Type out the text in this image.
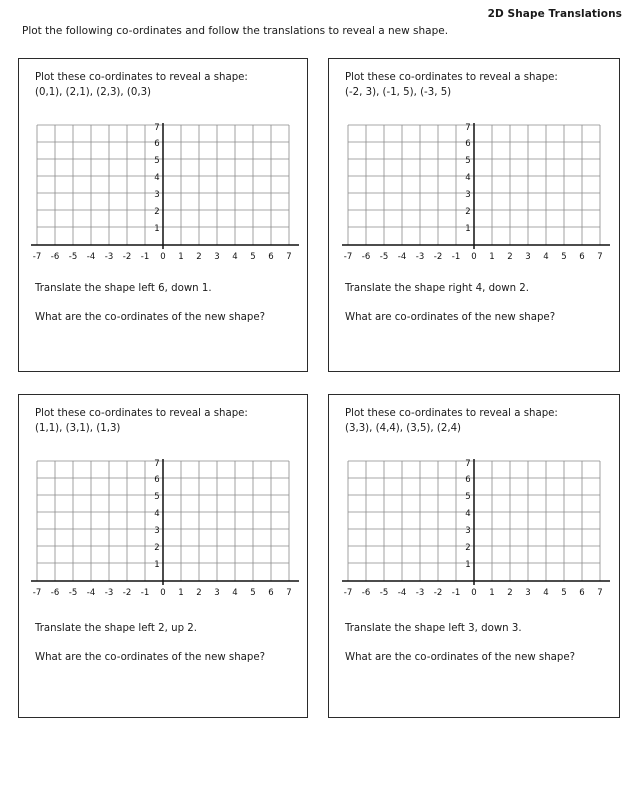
2D Shape Translations
Plot the following co-ordinates and follow the translations to reveal a new shape.
Plot these co-ordinates to reveal a shape:
(0,1), (2,1), (2,3), (0,3)
1
2
3
4
5
6
7
-7 -6 -5 -4 -3 -2 -1 0 1 2 3 4 5 6 7
Translate the shape left 6, down 1.
What are the co-ordinates of the new shape?
Plot these co-ordinates to reveal a shape:
(-2, 3), (-1, 5), (-3, 5)
1
2
3
4
5
6
7
-7 -6 -5 -4 -3 -2 -1 0 1 2 3 4 5 6 7
Translate the shape right 4, down 2.
What are co-ordinates of the new shape?
Plot these co-ordinates to reveal a shape:
(1,1), (3,1), (1,3)
1
2
3
4
5
6
7
-7 -6 -5 -4 -3 -2 -1 0 1 2 3 4 5 6 7
Translate the shape left 2, up 2.
What are the co-ordinates of the new shape?
Plot these co-ordinates to reveal a shape:
(3,3), (4,4), (3,5), (2,4)
1
2
3
4
5
6
7
-7 -6 -5 -4 -3 -2 -1 0 1 2 3 4 5 6 7
Translate the shape left 3, down 3.
What are the co-ordinates of the new shape?
